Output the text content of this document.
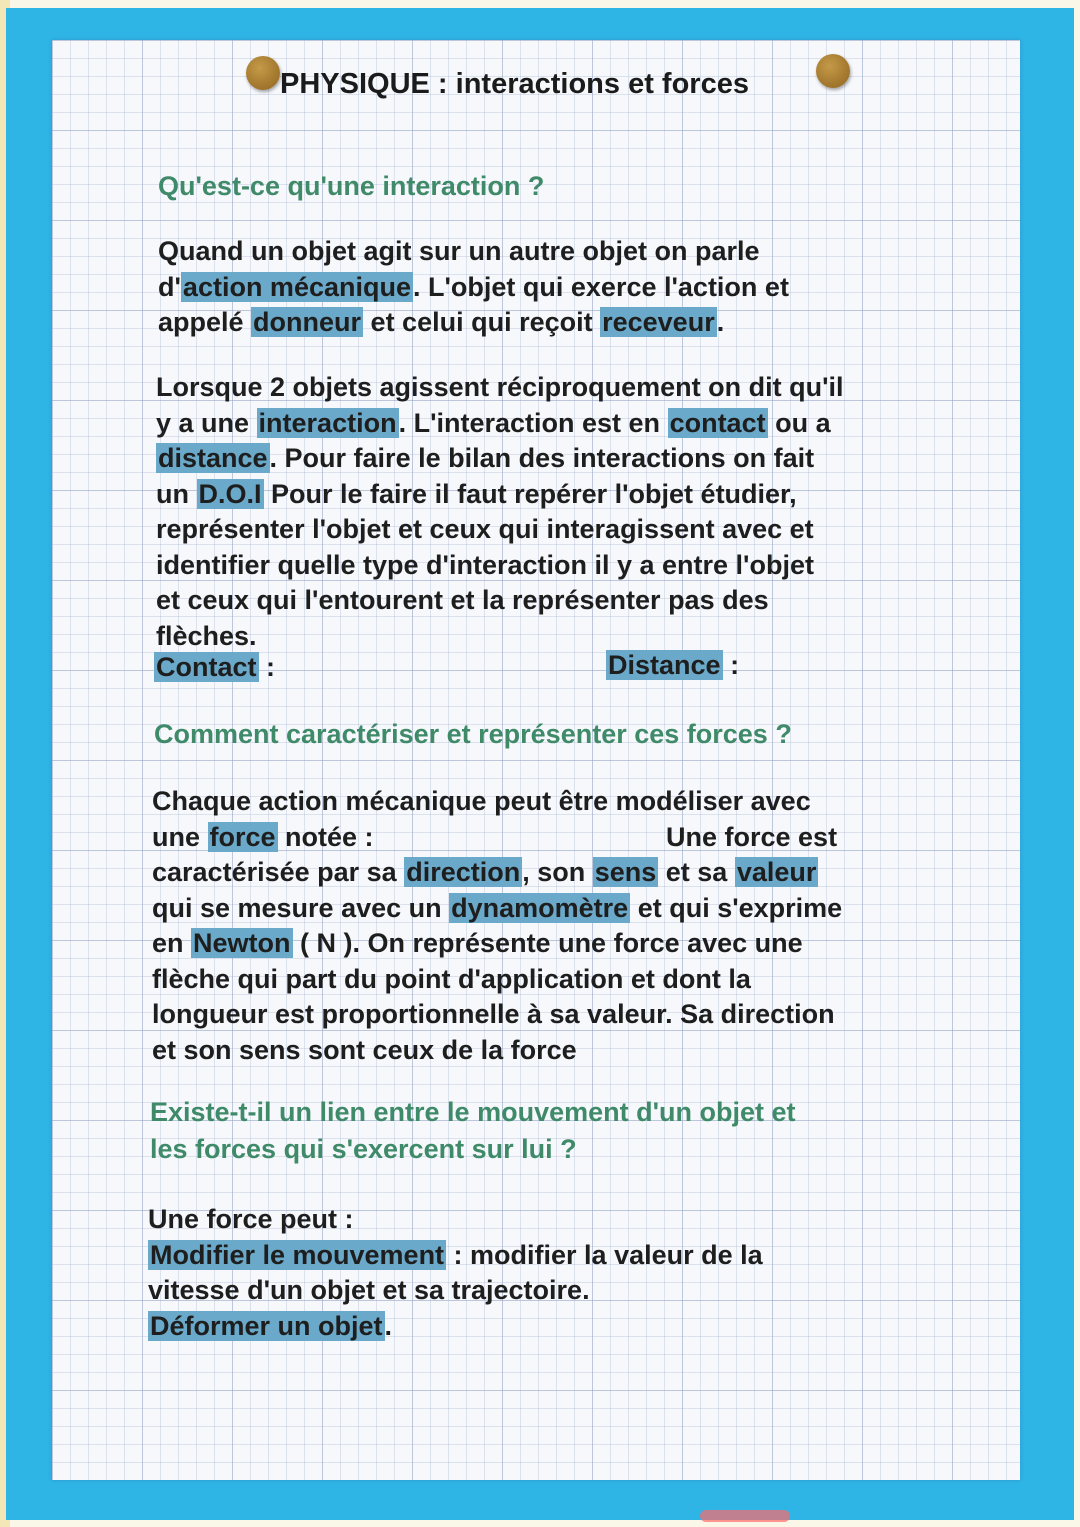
PHYSIQUE : interactions et forces
Qu'est-ce qu'une interaction ?
Quand un objet agit sur un autre objet on parle
d'action mécanique. L'objet qui exerce l'action et
appelé donneur et celui qui reçoit receveur.
Lorsque 2 objets agissent réciproquement on dit qu'il
y a une interaction. L'interaction est en contact ou a
distance. Pour faire le bilan des interactions on fait
un D.O.I Pour le faire il faut repérer l'objet étudier,
représenter l'objet et ceux qui interagissent avec et
identifier quelle type d'interaction il y a entre l'objet
et ceux qui l'entourent et la représenter pas des
flèches.
Contact :	Distance :
Comment caractériser et représenter ces forces ?
Chaque action mécanique peut être modéliser avec
une force notée :	Une force est
caractérisée par sa direction, son sens et sa valeur
qui se mesure avec un dynamomètre et qui s'exprime
en Newton ( N ). On représente une force avec une
flèche qui part du point d'application et dont la
longueur est proportionnelle à sa valeur. Sa direction
et son sens sont ceux de la force
Existe-t-il un lien entre le mouvement d'un objet et
les forces qui s'exercent sur lui ?
Une force peut :
Modifier le mouvement : modifier la valeur de la
vitesse d'un objet et sa trajectoire.
Déformer un objet.
